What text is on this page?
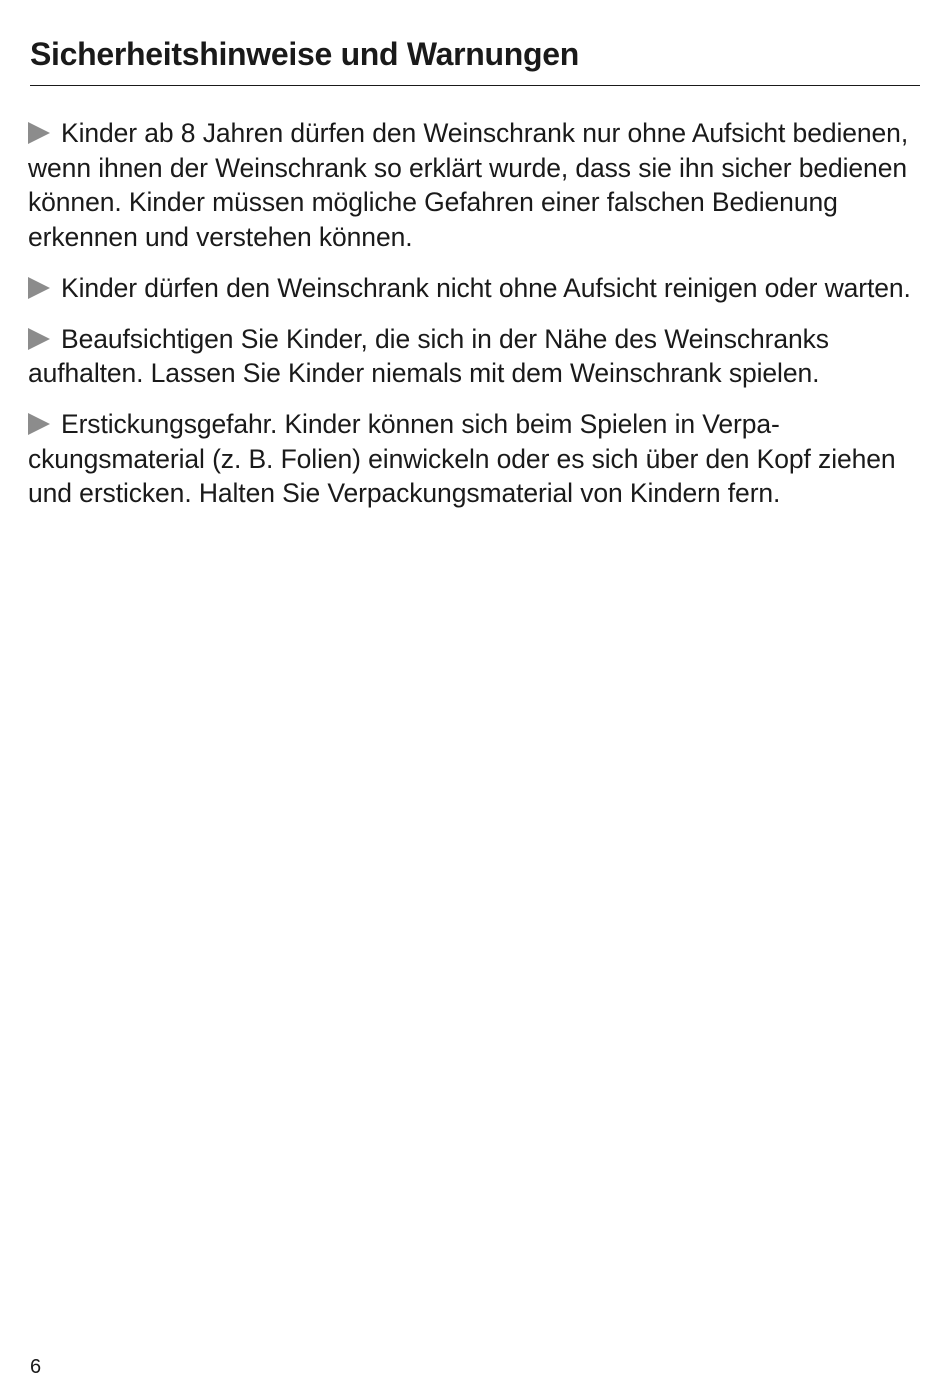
Sicherheitshinweise und Warnungen
Kinder ab 8 Jahren dürfen den Weinschrank nur ohne Aufsicht bedienen, wenn ihnen der Weinschrank so erklärt wurde, dass sie ihn sicher bedienen können. Kinder müssen mögliche Gefahren einer falschen Bedienung erkennen und verstehen können.
Kinder dürfen den Weinschrank nicht ohne Aufsicht reinigen oder warten.
Beaufsichtigen Sie Kinder, die sich in der Nähe des Weinschranks aufhalten. Lassen Sie Kinder niemals mit dem Weinschrank spielen.
Erstickungsgefahr. Kinder können sich beim Spielen in Verpackungsmaterial (z. B. Folien) einwickeln oder es sich über den Kopf ziehen und ersticken. Halten Sie Verpackungsmaterial von Kindern fern.
6
